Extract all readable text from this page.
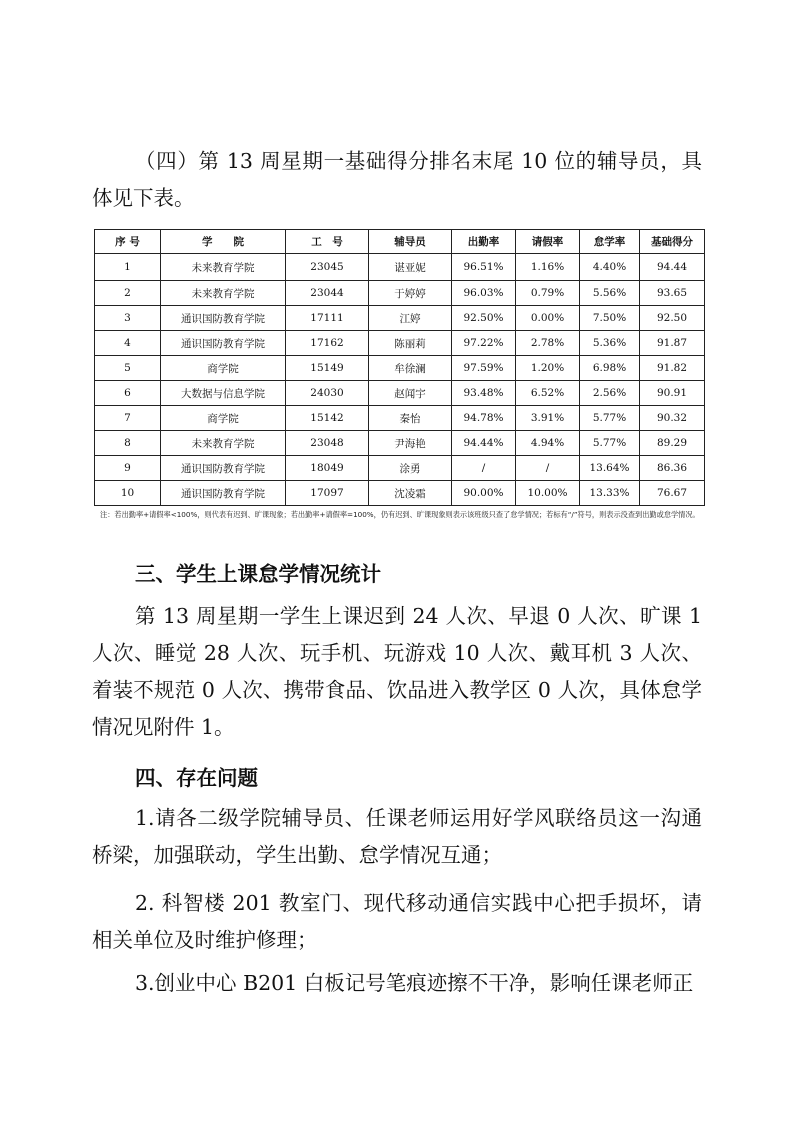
（四）第 13 周星期一基础得分排名末尾 10 位的辅导员，具体见下表。

序 号	学　　院	工　号	辅导员	出勤率	请假率	怠学率	基础得分
1	未来教育学院	23045	谌亚妮	96.51%	1.16%	4.40%	94.44
2	未来教育学院	23044	于婷婷	96.03%	0.79%	5.56%	93.65
3	通识国防教育学院	17111	江婷	92.50%	0.00%	7.50%	92.50
4	通识国防教育学院	17162	陈丽莉	97.22%	2.78%	5.36%	91.87
5	商学院	15149	牟徐澜	97.59%	1.20%	6.98%	91.82
6	大数据与信息学院	24030	赵闻宇	93.48%	6.52%	2.56%	90.91
7	商学院	15142	秦怡	94.78%	3.91%	5.77%	90.32
8	未来教育学院	23048	尹海艳	94.44%	4.94%	5.77%	89.29
9	通识国防教育学院	18049	涂勇	/	/	13.64%	86.36
10	通识国防教育学院	17097	沈凌霜	90.00%	10.00%	13.33%	76.67

注：若出勤率+请假率<100%，则代表有迟到、旷课现象；若出勤率+请假率=100%，仍有迟到、旷课现象则表示该班级只查了怠学情况；若标有“/”符号，则表示没查到出勤或怠学情况。

三、学生上课怠学情况统计

第 13 周星期一学生上课迟到 24 人次、早退 0 人次、旷课 1 人次、睡觉 28 人次、玩手机、玩游戏 10 人次、戴耳机 3 人次、着装不规范 0 人次、携带食品、饮品进入教学区 0 人次，具体怠学情况见附件 1。

四、存在问题

1.请各二级学院辅导员、任课老师运用好学风联络员这一沟通桥梁，加强联动，学生出勤、怠学情况互通；

2. 科智楼 201 教室门、现代移动通信实践中心把手损坏，请相关单位及时维护修理；

3.创业中心 B201 白板记号笔痕迹擦不干净，影响任课老师正
